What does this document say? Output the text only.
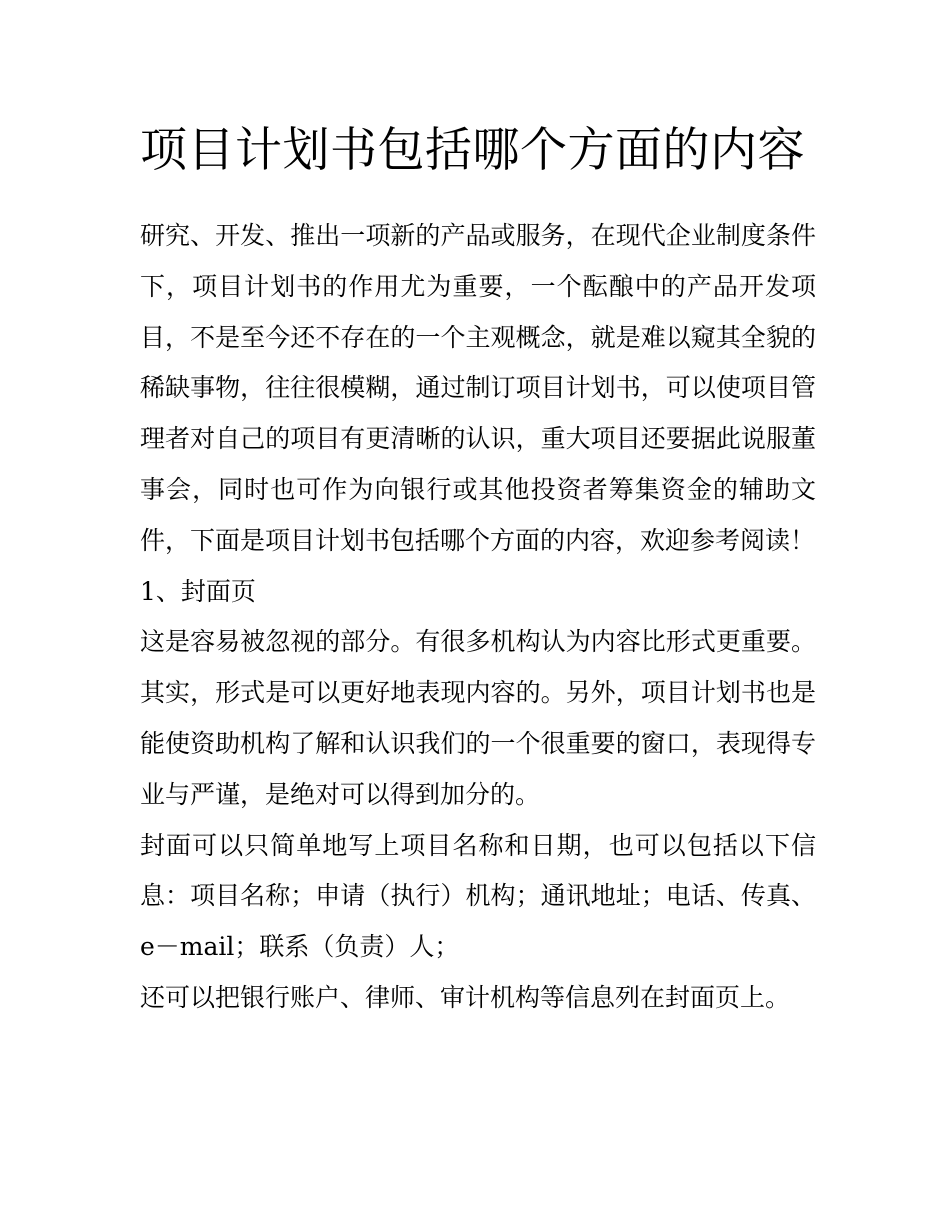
项目计划书包括哪个方面的内容

研究、开发、推出一项新的产品或服务，在现代企业制度条件下，项目计划书的作用尤为重要，一个酝酿中的产品开发项目，不是至今还不存在的一个主观概念，就是难以窥其全貌的稀缺事物，往往很模糊，通过制订项目计划书，可以使项目管理者对自己的项目有更清晰的认识，重大项目还要据此说服董事会，同时也可作为向银行或其他投资者筹集资金的辅助文件，下面是项目计划书包括哪个方面的内容，欢迎参考阅读！

1、封面页

这是容易被忽视的部分。有很多机构认为内容比形式更重要。其实，形式是可以更好地表现内容的。另外，项目计划书也是能使资助机构了解和认识我们的一个很重要的窗口，表现得专业与严谨，是绝对可以得到加分的。

封面可以只简单地写上项目名称和日期，也可以包括以下信息：项目名称；申请（执行）机构；通讯地址；电话、传真、e－mail；联系（负责）人；

还可以把银行账户、律师、审计机构等信息列在封面页上。
